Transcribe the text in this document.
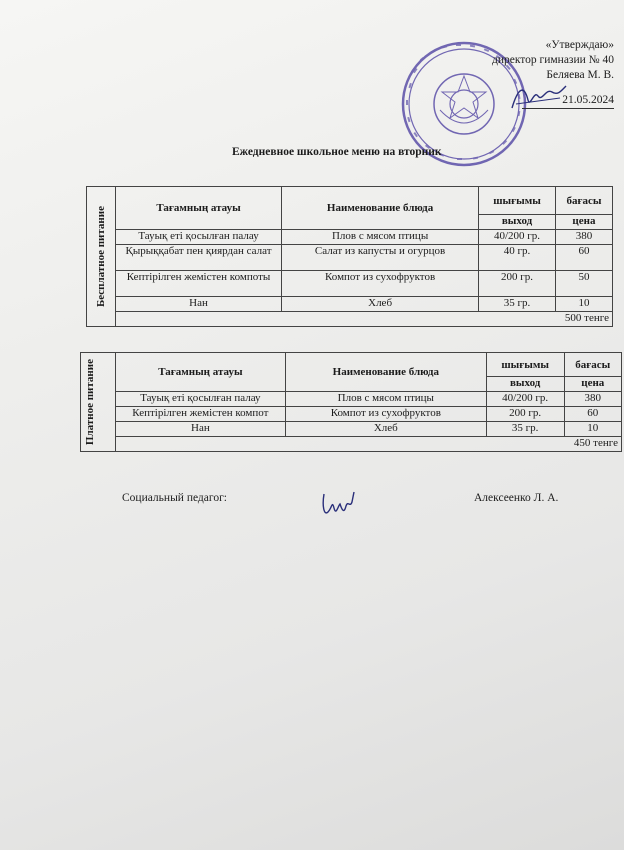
«Утверждаю»
директор гимназии № 40
Беляева М. В.
21.05.2024
Ежедневное школьное меню на вторник
Бесплатное питание	Тағамның атауы	Наименование блюда	шығымы	бағасы
			выход	цена
	Тауық еті қосылған палау	Плов с мясом птицы	40/200 гр.	380
	Қырыққабат пен қиярдан салат	Салат из капусты и огурцов	40 гр.	60
	Кептірілген жемістен компоты	Компот из сухофруктов	200 гр.	50
	Нан	Хлеб	35 гр.	10
	500 тенге			
Платное питание	Тағамның атауы	Наименование блюда	шығымы	бағасы
			выход	цена
	Тауық еті қосылған палау	Плов с мясом птицы	40/200 гр.	380
	Кептірілген жемістен компот	Компот из сухофруктов	200 гр.	60
	Нан	Хлеб	35 гр.	10
	450 тенге			
Социальный педагог:	Алексеенко Л. А.
